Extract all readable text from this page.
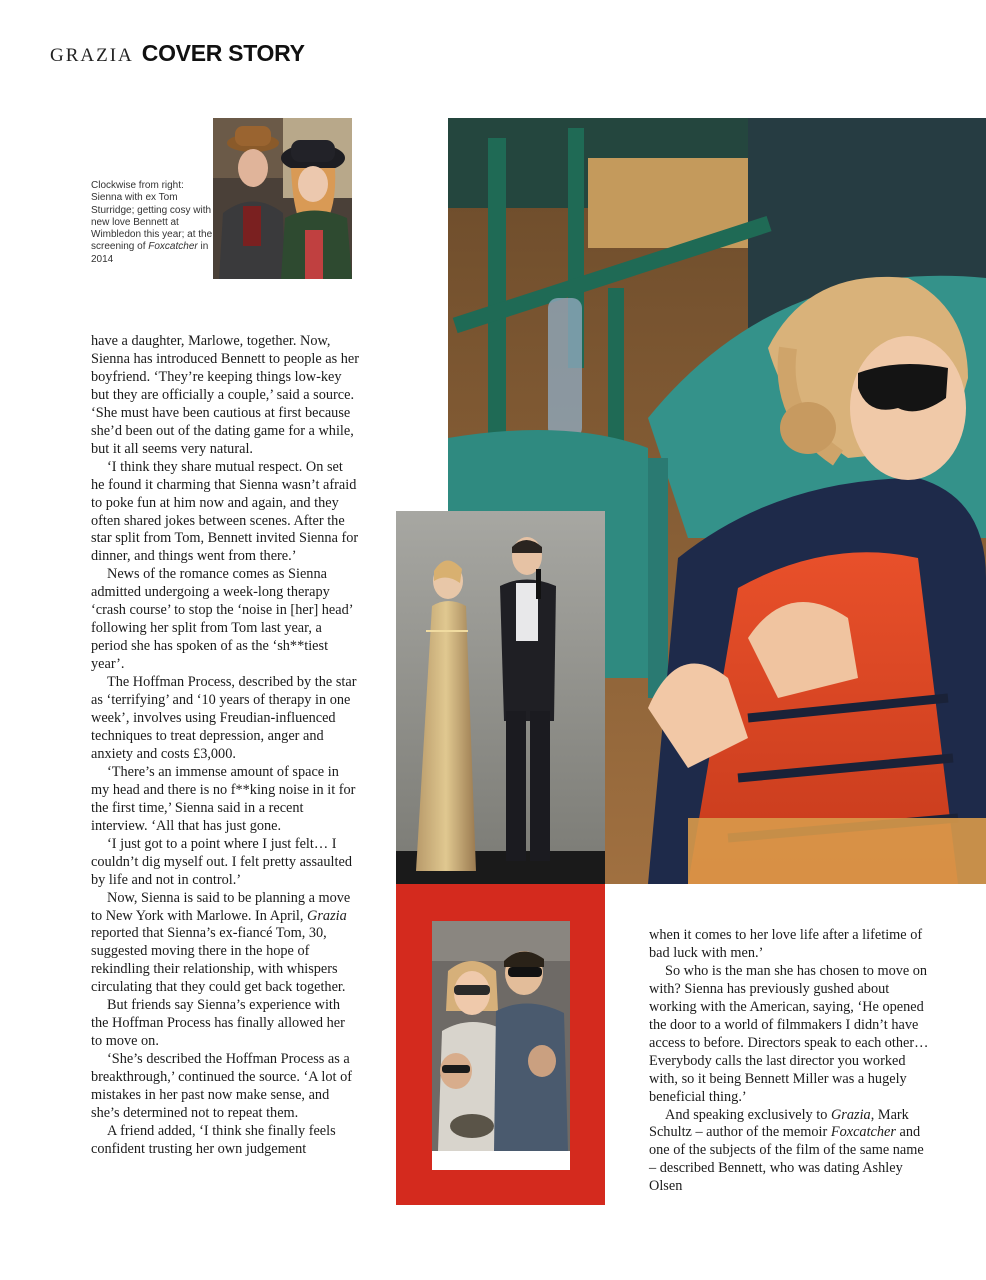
GRAZIA COVER STORY

Clockwise from right: Sienna with ex Tom Sturridge; getting cosy with new love Bennett at Wimbledon this year; at the screening of Foxcatcher in 2014

have a daughter, Marlowe, together. Now, Sienna has introduced Bennett to people as her boyfriend. ‘They’re keeping things low-key but they are officially a couple,’ said a source. ‘She must have been cautious at first because she’d been out of the dating game for a while, but it all seems very natural.

‘I think they share mutual respect. On set he found it charming that Sienna wasn’t afraid to poke fun at him now and again, and they often shared jokes between scenes. After the star split from Tom, Bennett invited Sienna for dinner, and things went from there.’

News of the romance comes as Sienna admitted undergoing a week-long therapy ‘crash course’ to stop the ‘noise in [her] head’ following her split from Tom last year, a period she has spoken of as the ‘sh**tiest year’.

The Hoffman Process, described by the star as ‘terrifying’ and ‘10 years of therapy in one week’, involves using Freudian-influenced techniques to treat depression, anger and anxiety and costs £3,000.

‘There’s an immense amount of space in my head and there is no f**king noise in it for the first time,’ Sienna said in a recent interview. ‘All that has just gone.

‘I just got to a point where I just felt… I couldn’t dig myself out. I felt pretty assaulted by life and not in control.’

Now, Sienna is said to be planning a move to New York with Marlowe. In April, Grazia reported that Sienna’s ex-fiancé Tom, 30, suggested moving there in the hope of rekindling their relationship, with whispers circulating that they could get back together.

But friends say Sienna’s experience with the Hoffman Process has finally allowed her to move on.

‘She’s described the Hoffman Process as a breakthrough,’ continued the source. ‘A lot of mistakes in her past now make sense, and she’s determined not to repeat them.

A friend added, ‘I think she finally feels confident trusting her own judgement

when it comes to her love life after a lifetime of bad luck with men.’

So who is the man she has chosen to move on with? Sienna has previously gushed about working with the American, saying, ‘He opened the door to a world of filmmakers I didn’t have access to before. Directors speak to each other… Everybody calls the last director you worked with, so it being Bennett Miller was a hugely beneficial thing.’

And speaking exclusively to Grazia, Mark Schultz – author of the memoir Foxcatcher and one of the subjects of the film of the same name – described Bennett, who was dating Ashley Olsen
